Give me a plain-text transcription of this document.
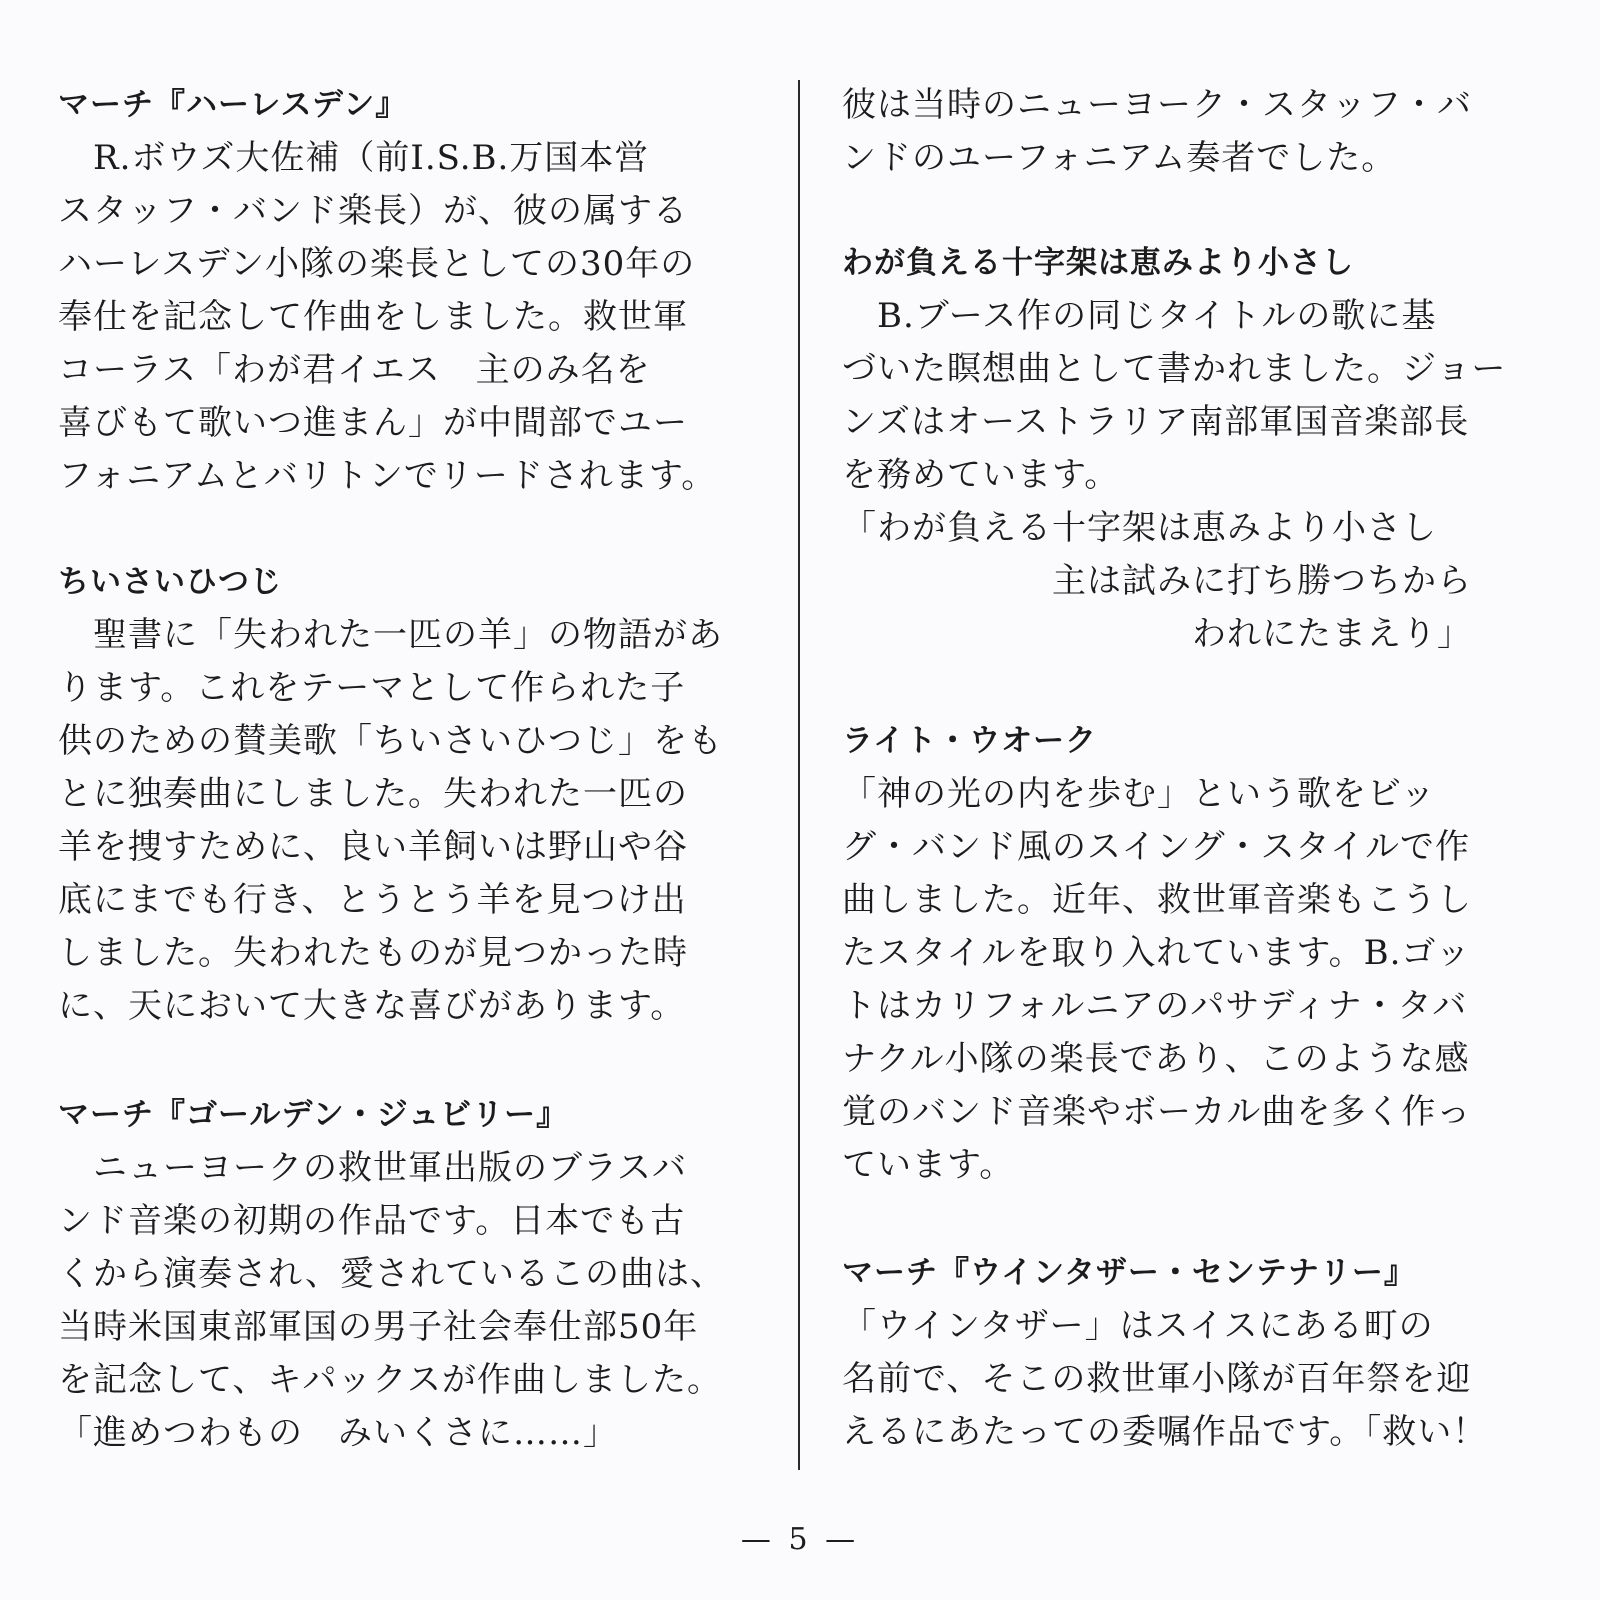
マーチ『ハーレスデン』
　R.ボウズ大佐補（前I.S.B.万国本営
スタッフ・バンド楽長）が、彼の属する
ハーレスデン小隊の楽長としての30年の
奉仕を記念して作曲をしました。救世軍
コーラス「わが君イエス　主のみ名を
喜びもて歌いつ進まん」が中間部でユー
フォニアムとバリトンでリードされます。
ちいさいひつじ
　聖書に「失われた一匹の羊」の物語があ
ります。これをテーマとして作られた子
供のための賛美歌「ちいさいひつじ」をも
とに独奏曲にしました。失われた一匹の
羊を捜すために、良い羊飼いは野山や谷
底にまでも行き、とうとう羊を見つけ出
しました。失われたものが見つかった時
に、天において大きな喜びがあります。
マーチ『ゴールデン・ジュビリー』
　ニューヨークの救世軍出版のブラスバ
ンド音楽の初期の作品です。日本でも古
くから演奏され、愛されているこの曲は、
当時米国東部軍国の男子社会奉仕部50年
を記念して、キパックスが作曲しました。
「進めつわもの　みいくさに……」
彼は当時のニューヨーク・スタッフ・バ
ンドのユーフォニアム奏者でした。
わが負える十字架は恵みより小さし
　B.ブース作の同じタイトルの歌に基
づいた瞑想曲として書かれました。ジョー
ンズはオーストラリア南部軍国音楽部長
を務めています。
「わが負える十字架は恵みより小さし
　　　　　　主は試みに打ち勝つちから
　　　　　　　　　　われにたまえり」
ライト・ウオーク
「神の光の内を歩む」という歌をビッ
グ・バンド風のスイング・スタイルで作
曲しました。近年、救世軍音楽もこうし
たスタイルを取り入れています。B.ゴッ
トはカリフォルニアのパサディナ・タバ
ナクル小隊の楽長であり、このような感
覚のバンド音楽やボーカル曲を多く作っ
ています。
マーチ『ウインタザー・センテナリー』
「ウインタザー」はスイスにある町の
名前で、そこの救世軍小隊が百年祭を迎
えるにあたっての委嘱作品です。「救い！
— 5 —
